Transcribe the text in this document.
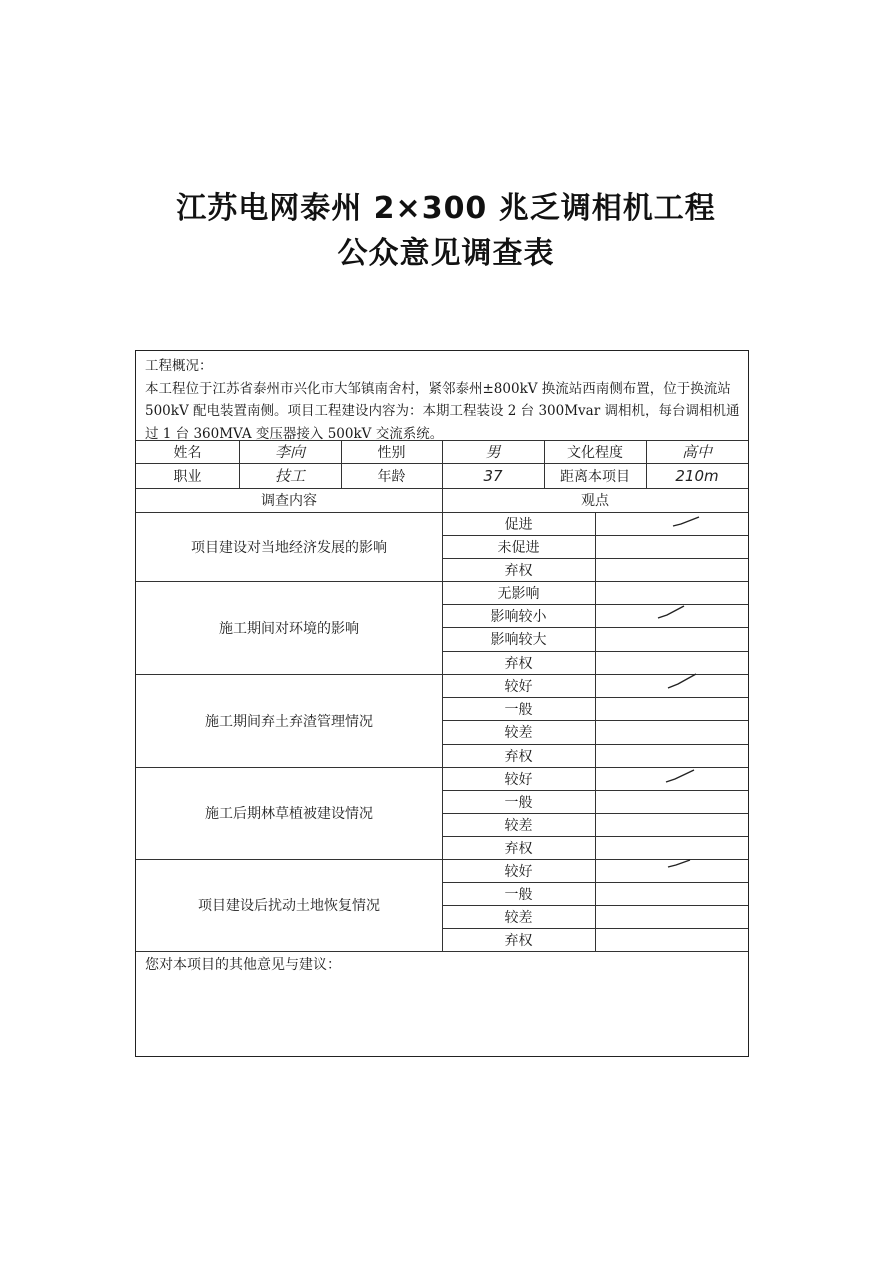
江苏电网泰州 2×300 兆乏调相机工程
公众意见调查表
工程概况：
本工程位于江苏省泰州市兴化市大邹镇南舍村，紧邻泰州±800kV 换流站西南侧布置，位于换流站 500kV 配电装置南侧。项目工程建设内容为：本期工程装设 2 台 300Mvar 调相机，每台调相机通过 1 台 360MVA 变压器接入 500kV 交流系统。
姓名	李向	性别	男	文化程度	高中
职业	技工	年龄	37	距离本项目	210m
调查内容	观点
项目建设对当地经济发展的影响
促进
未促进
弃权
施工期间对环境的影响
无影响
影响较小
影响较大
弃权
施工期间弃土弃渣管理情况
较好
一般
较差
弃权
施工后期林草植被建设情况
较好
一般
较差
弃权
项目建设后扰动土地恢复情况
较好
一般
较差
弃权
您对本项目的其他意见与建议：
